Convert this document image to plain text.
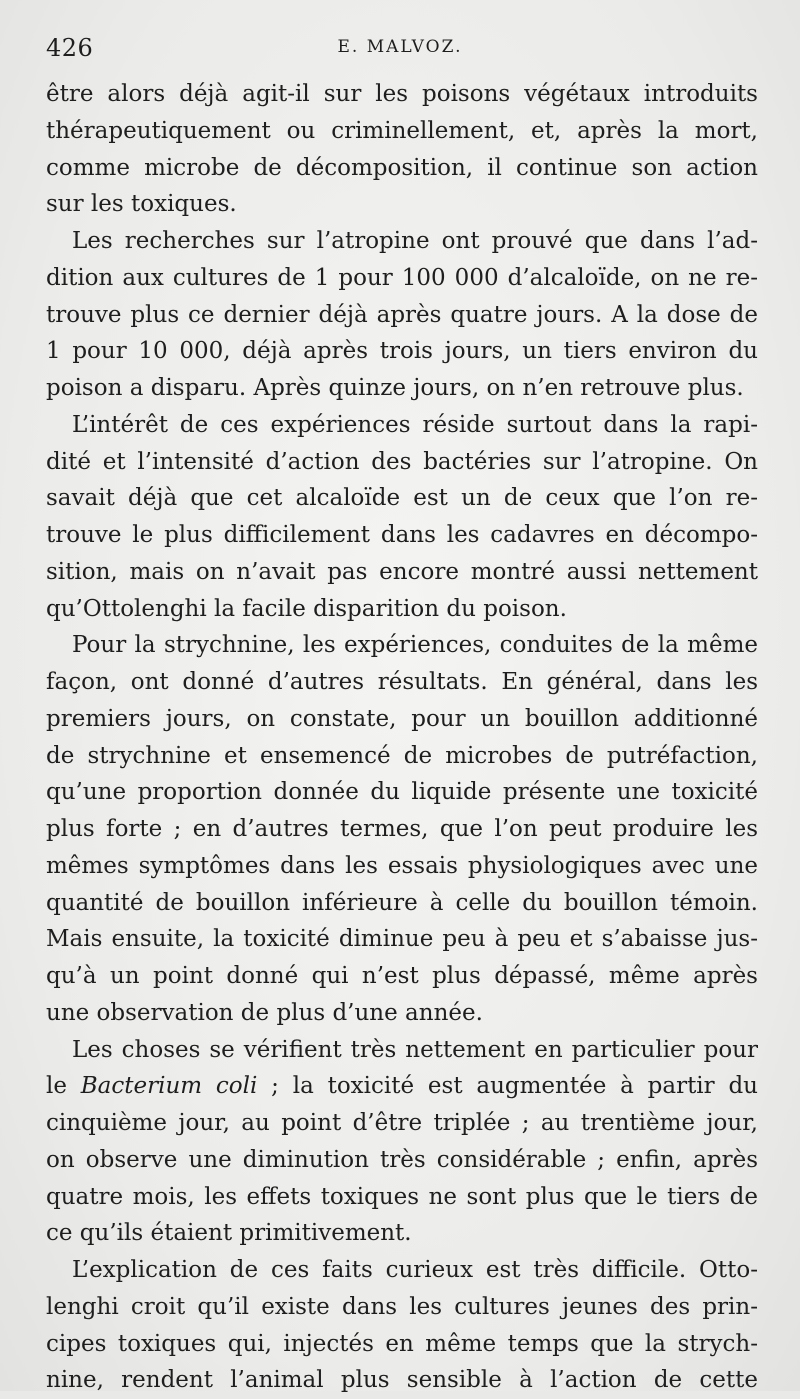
426	E. MALVOZ.
être alors déjà agit-il sur les poisons végétaux introduits
thérapeutiquement ou criminellement, et, après la mort,
comme microbe de décomposition, il continue son action
sur les toxiques.
Les recherches sur l’atropine ont prouvé que dans l’ad-
dition aux cultures de 1 pour 100 000 d’alcaloïde, on ne re-
trouve plus ce dernier déjà après quatre jours. A la dose de
1 pour 10 000, déjà après trois jours, un tiers environ du
poison a disparu. Après quinze jours, on n’en retrouve plus.
L’intérêt de ces expériences réside surtout dans la rapi-
dité et l’intensité d’action des bactéries sur l’atropine. On
savait déjà que cet alcaloïde est un de ceux que l’on re-
trouve le plus difficilement dans les cadavres en décompo-
sition, mais on n’avait pas encore montré aussi nettement
qu’Ottolenghi la facile disparition du poison.
Pour la strychnine, les expériences, conduites de la même
façon, ont donné d’autres résultats. En général, dans les
premiers jours, on constate, pour un bouillon additionné
de strychnine et ensemencé de microbes de putréfaction,
qu’une proportion donnée du liquide présente une toxicité
plus forte ; en d’autres termes, que l’on peut produire les
mêmes symptômes dans les essais physiologiques avec une
quantité de bouillon inférieure à celle du bouillon témoin.
Mais ensuite, la toxicité diminue peu à peu et s’abaisse jus-
qu’à un point donné qui n’est plus dépassé, même après
une observation de plus d’une année.
Les choses se vérifient très nettement en particulier pour
le Bacterium coli ; la toxicité est augmentée à partir du
cinquième jour, au point d’être triplée ; au trentième jour,
on observe une diminution très considérable ; enfin, après
quatre mois, les effets toxiques ne sont plus que le tiers de
ce qu’ils étaient primitivement.
L’explication de ces faits curieux est très difficile. Otto-
lenghi croit qu’il existe dans les cultures jeunes des prin-
cipes toxiques qui, injectés en même temps que la strych-
nine, rendent l’animal plus sensible à l’action de cette
